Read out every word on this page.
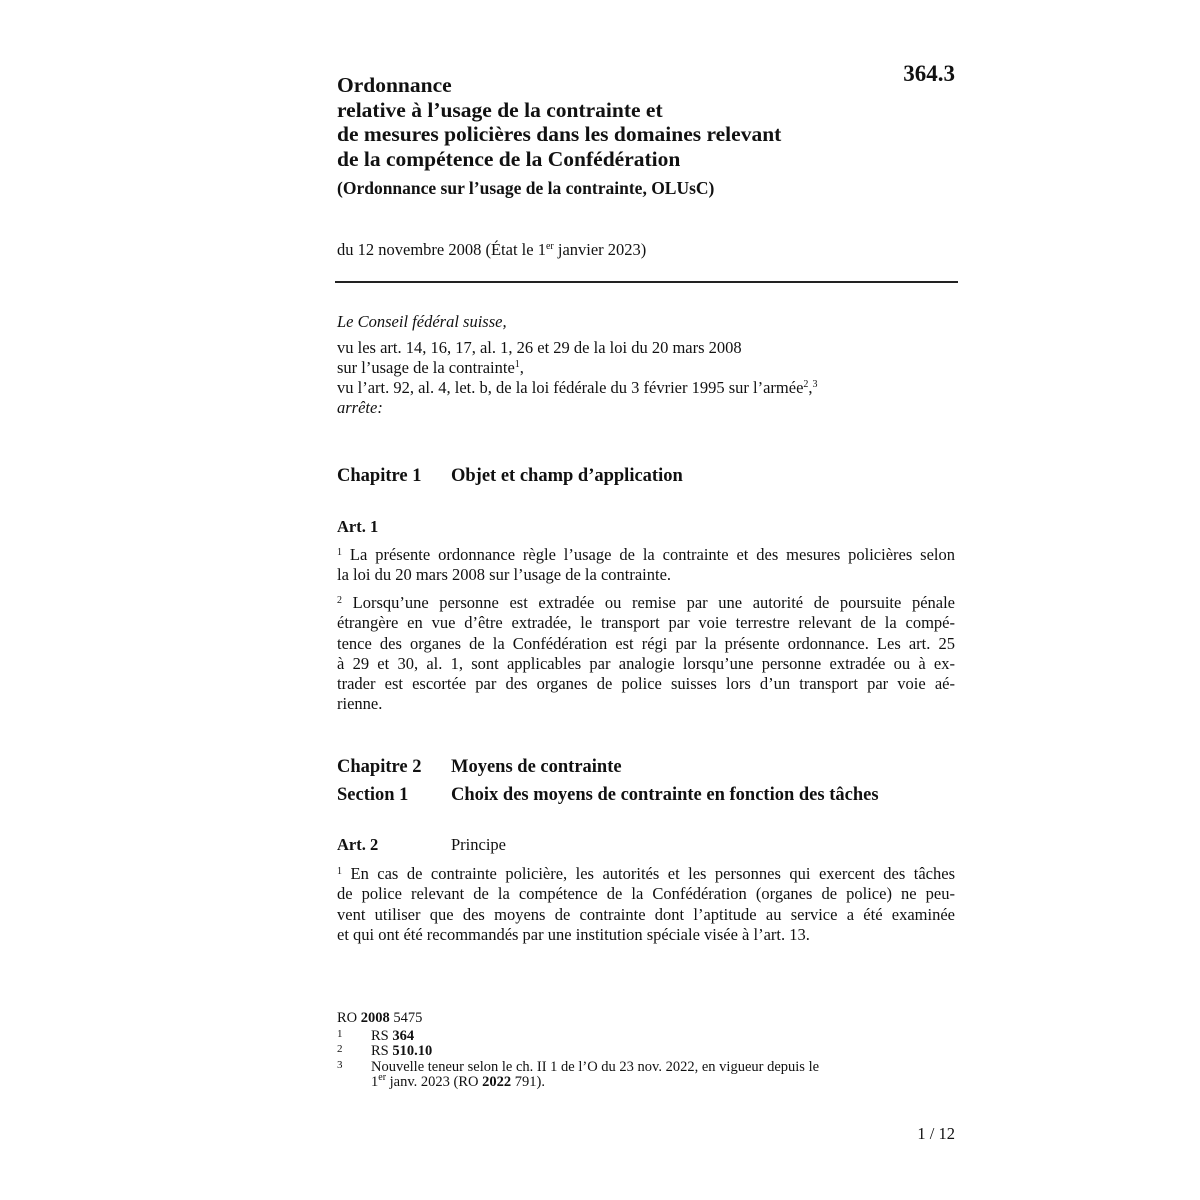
364.3
Ordonnance
relative à l’usage de la contrainte et
de mesures policières dans les domaines relevant
de la compétence de la Confédération
(Ordonnance sur l’usage de la contrainte, OLUsC)
du 12 novembre 2008 (État le 1er janvier 2023)
Le Conseil fédéral suisse,
vu les art. 14, 16, 17, al. 1, 26 et 29 de la loi du 20 mars 2008
sur l’usage de la contrainte$^1$,
vu l’art. 92, al. 4, let. b, de la loi fédérale du 3 février 1995 sur l’armée$^2$,$^3$
arrête:
Chapitre 1 Objet et champ d’application
Art. 1
$^1$ La présente ordonnance règle l’usage de la contrainte et des mesures policières selon
la loi du 20 mars 2008 sur l’usage de la contrainte.
$^2$ Lorsqu’une personne est extradée ou remise par une autorité de poursuite pénale
étrangère en vue d’être extradée, le transport par voie terrestre relevant de la compé-
tence des organes de la Confédération est régi par la présente ordonnance. Les art. 25
à 29 et 30, al. 1, sont applicables par analogie lorsqu’une personne extradée ou à ex-
trader est escortée par des organes de police suisses lors d’un transport par voie aé-
rienne.
Chapitre 2 Moyens de contrainte
Section 1 Choix des moyens de contrainte en fonction des tâches
Art. 2	Principe
$^1$ En cas de contrainte policière, les autorités et les personnes qui exercent des tâches
de police relevant de la compétence de la Confédération (organes de police) ne peu-
vent utiliser que des moyens de contrainte dont l’aptitude au service a été examinée
et qui ont été recommandés par une institution spéciale visée à l’art. 13.
RO 2008 5475
1 RS 364
2 RS 510.10
3 Nouvelle teneur selon le ch. II 1 de l’O du 23 nov. 2022, en vigueur depuis le
1er janv. 2023 (RO 2022 791).
1 / 12
